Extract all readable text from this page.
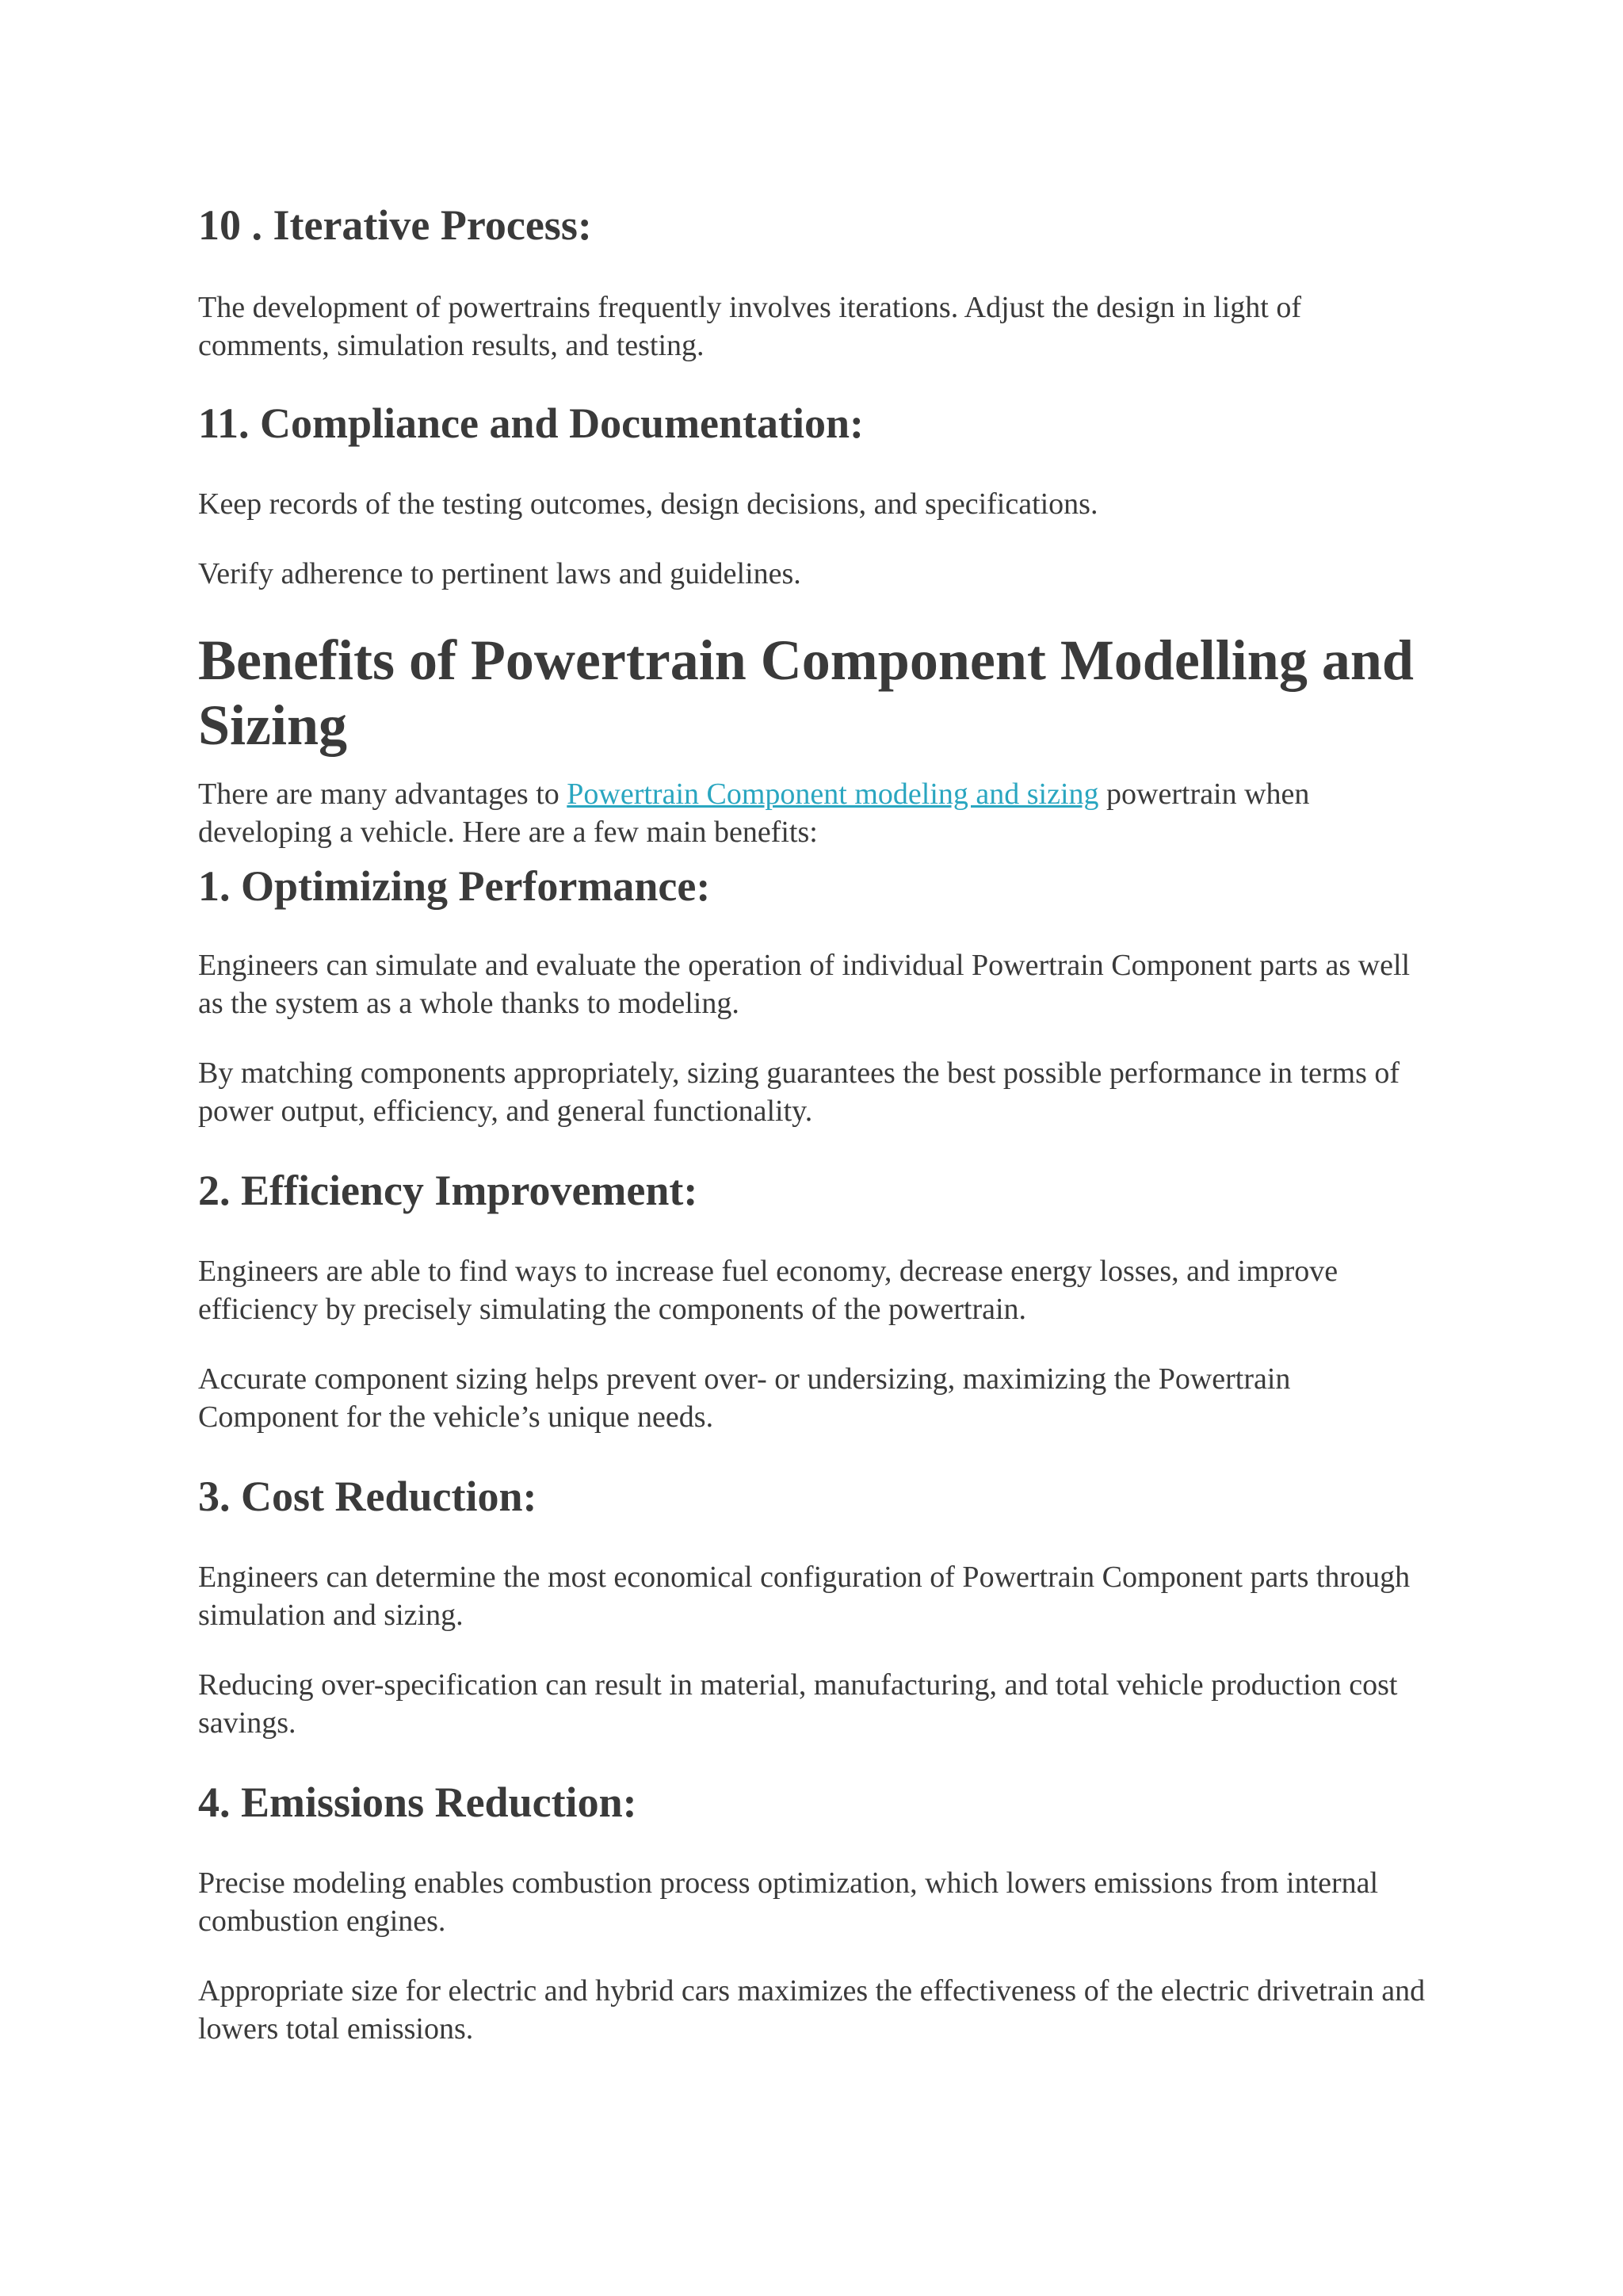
10 . Iterative Process:

The development of powertrains frequently involves iterations. Adjust the design in light of comments, simulation results, and testing.

11. Compliance and Documentation:

Keep records of the testing outcomes, design decisions, and specifications.

Verify adherence to pertinent laws and guidelines.

Benefits of Powertrain Component Modelling and
Sizing

There are many advantages to Powertrain Component modeling and sizing powertrain when
developing a vehicle. Here are a few main benefits:

1. Optimizing Performance:

Engineers can simulate and evaluate the operation of individual Powertrain Component parts as well as the system as a whole thanks to modeling.

By matching components appropriately, sizing guarantees the best possible performance in terms of power output, efficiency, and general functionality.

2. Efficiency Improvement:

Engineers are able to find ways to increase fuel economy, decrease energy losses, and improve efficiency by precisely simulating the components of the powertrain.

Accurate component sizing helps prevent over- or undersizing, maximizing the Powertrain Component for the vehicle’s unique needs.

3. Cost Reduction:

Engineers can determine the most economical configuration of Powertrain Component parts through simulation and sizing.

Reducing over-specification can result in material, manufacturing, and total vehicle production cost savings.

4. Emissions Reduction:

Precise modeling enables combustion process optimization, which lowers emissions from internal combustion engines.

Appropriate size for electric and hybrid cars maximizes the effectiveness of the electric drivetrain and lowers total emissions.
